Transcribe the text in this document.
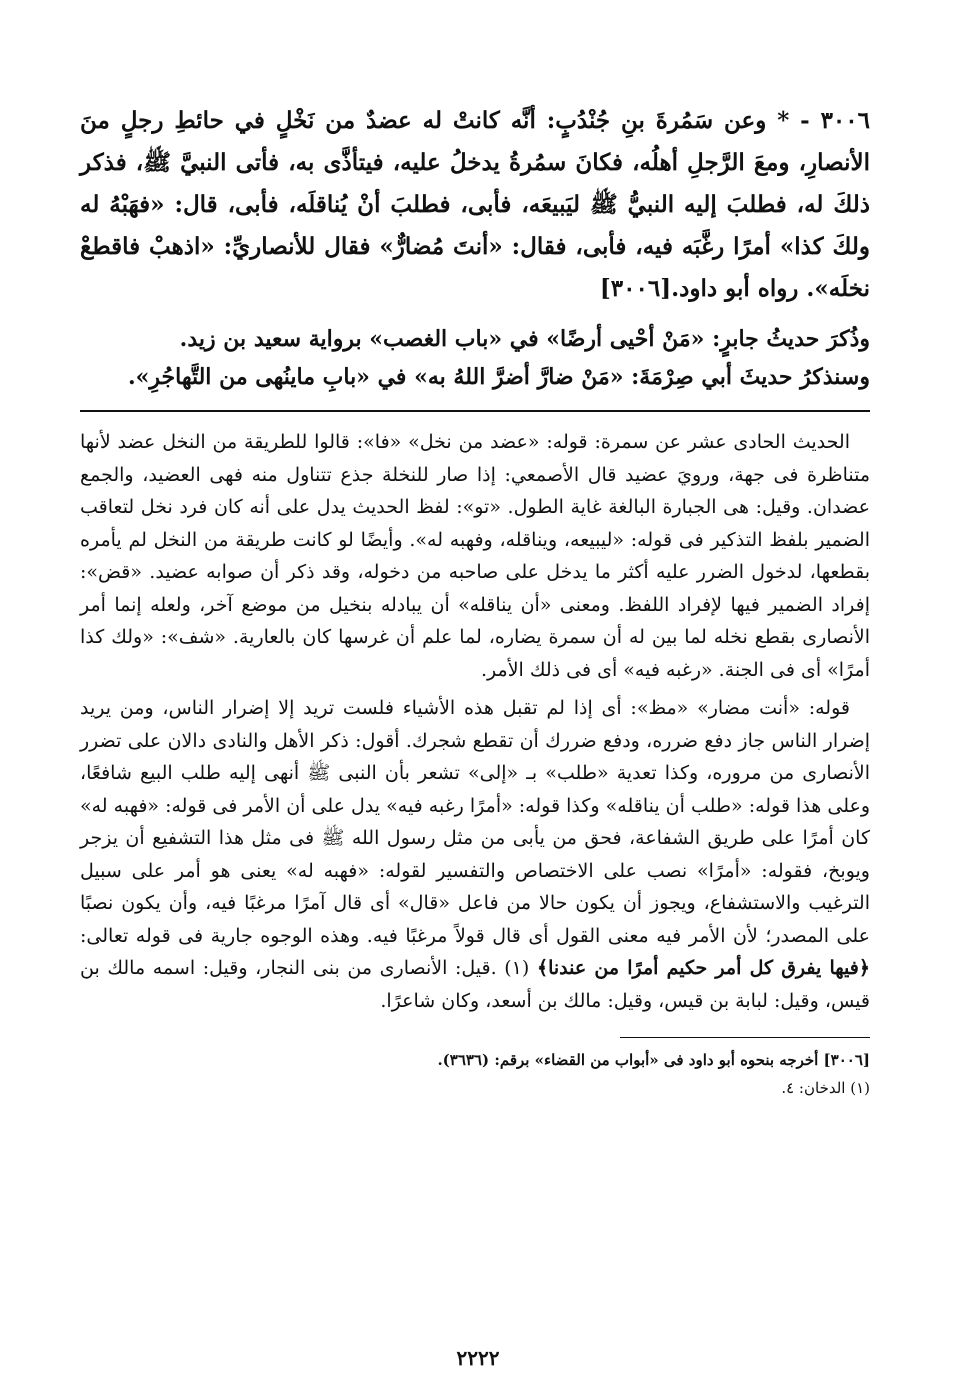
٣٠٠٦ - * وعن سَمُرةَ بنِ جُنْدُبٍ: أنَّه كانتْ له عضدٌ من نَخْلٍ في حائطِ رجلٍ منَ الأنصارِ، ومعَ الرَّجلِ أهلُه، فكانَ سمُرةُ يدخلُ عليه، فيتأذَّى به، فأتى النبيَّ ﷺ، فذكر ذلكَ له، فطلبَ إليه النبيُّ ﷺ ليَبيعَه، فأبى، فطلبَ أنْ يُناقلَه، فأبى، قال: «فهَبْهُ له ولكَ كذا» أمرًا رغَّبَه فيه، فأبى، فقال: «أنتَ مُضارٌّ» فقال للأنصاريِّ: «اذهبْ فاقطعْ نخلَه». رواه أبو داود.[٣٠٠٦]

وذُكرَ حديثُ جابرٍ: «مَنْ أحْيى أرضًا» في «باب الغصب» برواية سعيد بن زيد.

وسنذكرُ حديثَ أبي صِرْمَةَ: «مَنْ ضارَّ أضرَّ اللهُ به» في «بابِ ماينُهى من التَّهاجُرِ».

الحديث الحادى عشر عن سمرة: قوله: «عضد من نخل» «فا»: قالوا للطريقة من النخل عضد لأنها متناظرة فى جهة، ورويَ عضيد قال الأصمعي: إذا صار للنخلة جذع تتناول منه فهى العضيد، والجمع عضدان. وقيل: هى الجبارة البالغة غاية الطول. «تو»: لفظ الحديث يدل على أنه كان فرد نخل لتعاقب الضمير بلفظ التذكير فى قوله: «ليبيعه، ويناقله، وفهبه له». وأيضًا لو كانت طريقة من النخل لم يأمره بقطعها، لدخول الضرر عليه أكثر ما يدخل على صاحبه من دخوله، وقد ذكر أن صوابه عضيد. «قض»: إفراد الضمير فيها لإفراد اللفظ. ومعنى «أن يناقله» أن يبادله بنخيل من موضع آخر، ولعله إنما أمر الأنصارى بقطع نخله لما بين له أن سمرة يضاره، لما علم أن غرسها كان بالعارية. «شف»: «ولك كذا أمرًا» أى فى الجنة. «رغبه فيه» أى فى ذلك الأمر.

قوله: «أنت مضار» «مظ»: أى إذا لم تقبل هذه الأشياء فلست تريد إلا إضرار الناس، ومن يريد إضرار الناس جاز دفع ضرره، ودفع ضررك أن تقطع شجرك. أقول: ذكر الأهل والنادى دالان على تضرر الأنصارى من مروره، وكذا تعدية «طلب» بـ «إلى» تشعر بأن النبى ﷺ أنهى إليه طلب البيع شافعًا، وعلى هذا قوله: «طلب أن يناقله» وكذا قوله: «أمرًا رغبه فيه» يدل على أن الأمر فى قوله: «فهبه له» كان أمرًا على طريق الشفاعة، فحق من يأبى من مثل رسول الله ﷺ فى مثل هذا التشفيع أن يزجر ويوبخ، فقوله: «أمرًا» نصب على الاختصاص والتفسير لقوله: «فهبه له» يعنى هو أمر على سبيل الترغيب والاستشفاع، ويجوز أن يكون حالا من فاعل «قال» أى قال آمرًا مرغبًا فيه، وأن يكون نصبًا على المصدر؛ لأن الأمر فيه معنى القول أى قال قولاً مرغبًا فيه. وهذه الوجوه جارية فى قوله تعالى: ﴿فيها يفرق كل أمر حكيم أمرًا من عندنا﴾ (١) .قيل: الأنصارى من بنى النجار، وقيل: اسمه مالك بن قيس، وقيل: لبابة بن قيس، وقيل: مالك بن أسعد، وكان شاعرًا.

[٣٠٠٦] أخرجه بنحوه أبو داود فى «أبواب من القضاء» برقم: (٣٦٣٦).

(١) الدخان: ٤.

٢٢٢٢
